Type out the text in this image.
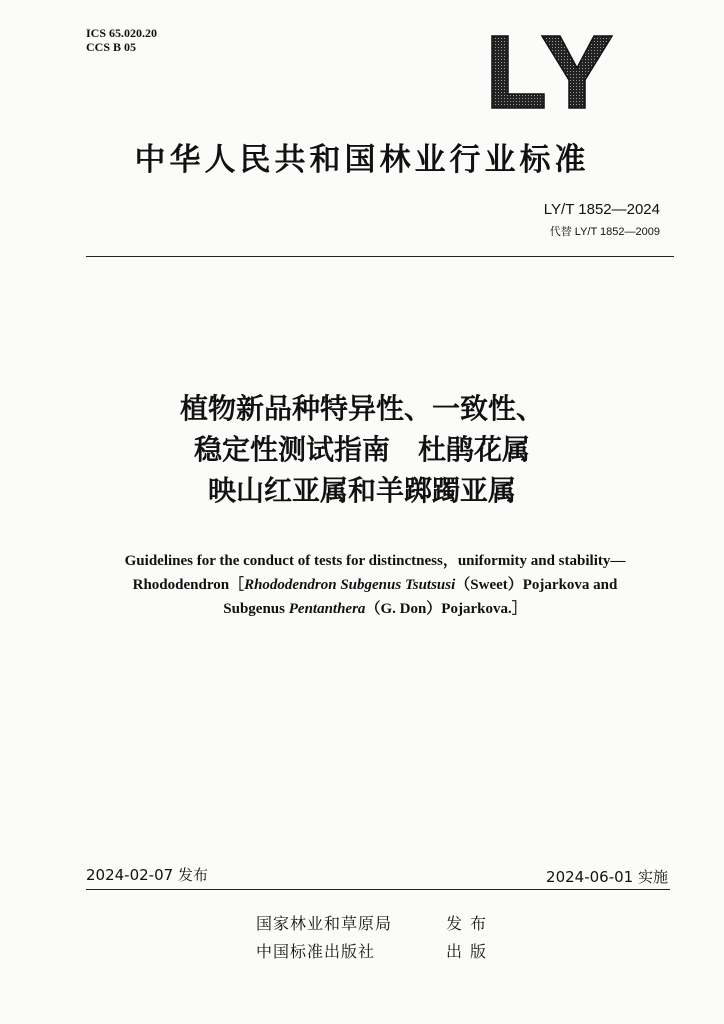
ICS 65.020.20
CCS B 05
中华人民共和国林业行业标准
LY/T 1852—2024
代替 LY/T 1852—2009
植物新品种特异性、一致性、
稳定性测试指南　杜鹃花属
映山红亚属和羊踯躅亚属
Guidelines for the conduct of tests for distinctness，uniformity and stability—Rhododendron［Rhododendron Subgenus Tsutsusi（Sweet）Pojarkova and Subgenus Pentanthera（G. Don）Pojarkova.］
2024-02-07 发布	2024-06-01 实施
国家林业和草原局	发布
中国标准出版社	出版
